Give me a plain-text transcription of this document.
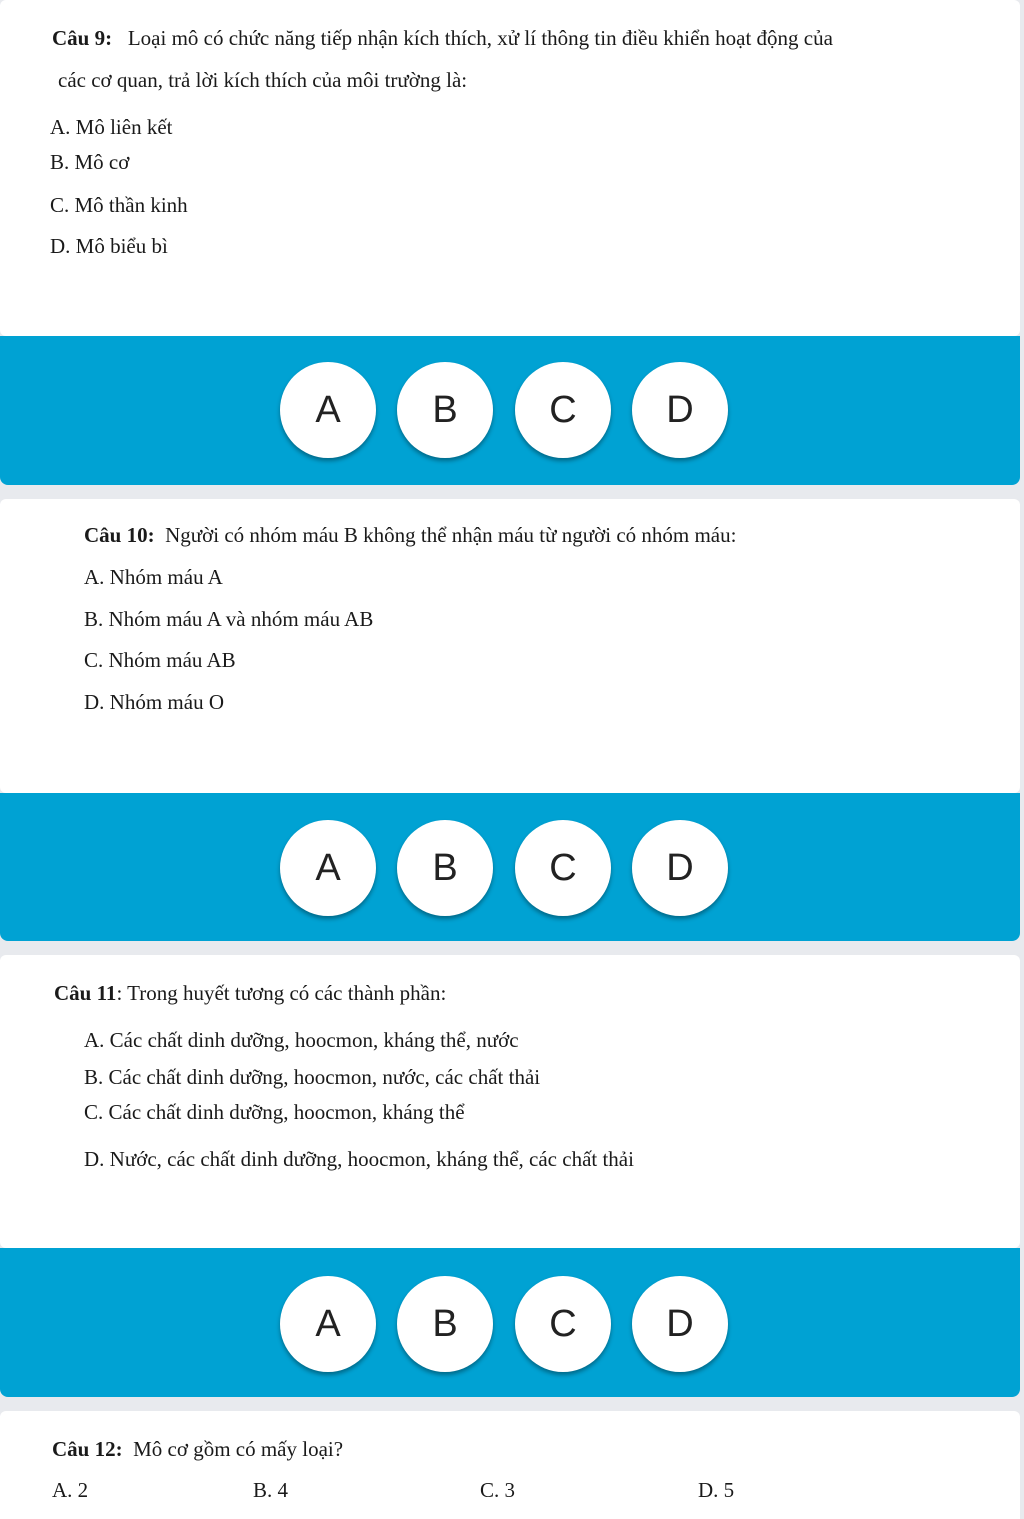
Câu 9: Loại mô có chức năng tiếp nhận kích thích, xử lí thông tin điều khiển hoạt động của
các cơ quan, trả lời kích thích của môi trường là:
A. Mô liên kết
B. Mô cơ
C. Mô thần kinh
D. Mô biểu bì
A	B	C	D
Câu 10: Người có nhóm máu B không thể nhận máu từ người có nhóm máu:
A. Nhóm máu A
B. Nhóm máu A và nhóm máu AB
C. Nhóm máu AB
D. Nhóm máu O
A	B	C	D
Câu 11: Trong huyết tương có các thành phần:
A. Các chất dinh dưỡng, hoocmon, kháng thể, nước
B. Các chất dinh dưỡng, hoocmon, nước, các chất thải
C. Các chất dinh dưỡng, hoocmon, kháng thể
D. Nước, các chất dinh dưỡng, hoocmon, kháng thể, các chất thải
A	B	C	D
Câu 12: Mô cơ gồm có mấy loại?
A. 2	B. 4	C. 3	D. 5
